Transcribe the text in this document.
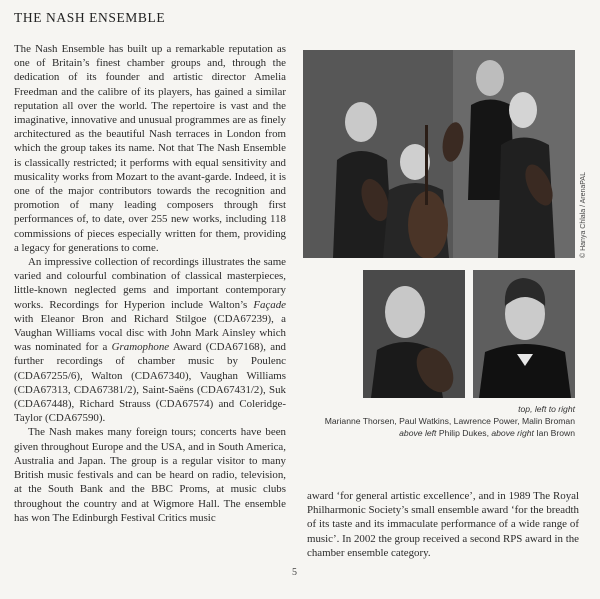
THE NASH ENSEMBLE

The Nash Ensemble has built up a remarkable reputation as one of Britain’s finest chamber groups and, through the dedication of its founder and artistic director Amelia Freedman and the calibre of its players, has gained a similar reputation all over the world. The repertoire is vast and the imaginative, innovative and unusual programmes are as finely architectured as the beautiful Nash terraces in London from which the group takes its name. Not that The Nash Ensemble is classically restricted; it performs with equal sensitivity and musicality works from Mozart to the avant-garde. Indeed, it is one of the major contributors towards the recognition and promotion of many leading composers through first performances of, to date, over 255 new works, including 118 commissions of pieces especially written for them, providing a legacy for generations to come.

An impressive collection of recordings illustrates the same varied and colourful combination of classical masterpieces, little-known neglected gems and important contemporary works. Recordings for Hyperion include Walton’s Façade with Eleanor Bron and Richard Stilgoe (CDA67239), a Vaughan Williams vocal disc with John Mark Ainsley which was nominated for a Gramophone Award (CDA67168), and further recordings of chamber music by Poulenc (CDA67255/6), Walton (CDA67340), Vaughan Williams (CDA67313, CDA67381/2), Saint-Saëns (CDA67431/2), Suk (CDA67448), Richard Strauss (CDA67574) and Coleridge-Taylor (CDA67590).

The Nash makes many foreign tours; concerts have been given throughout Europe and the USA, and in South America, Australia and Japan. The group is a regular visitor to many British music festivals and can be heard on radio, television, at the South Bank and the BBC Proms, at music clubs throughout the country and at Wigmore Hall. The ensemble has won The Edinburgh Festival Critics music

© Hanya Chlala / ArenaPAL
top, left to right
Marianne Thorsen, Paul Watkins, Lawrence Power, Malin Broman
above left Philip Dukes, above right Ian Brown

award ‘for general artistic excellence’, and in 1989 The Royal Philharmonic Society’s small ensemble award ‘for the breadth of its taste and its immaculate performance of a wide range of music’. In 2002 the group received a second RPS award in the chamber ensemble category.

5
